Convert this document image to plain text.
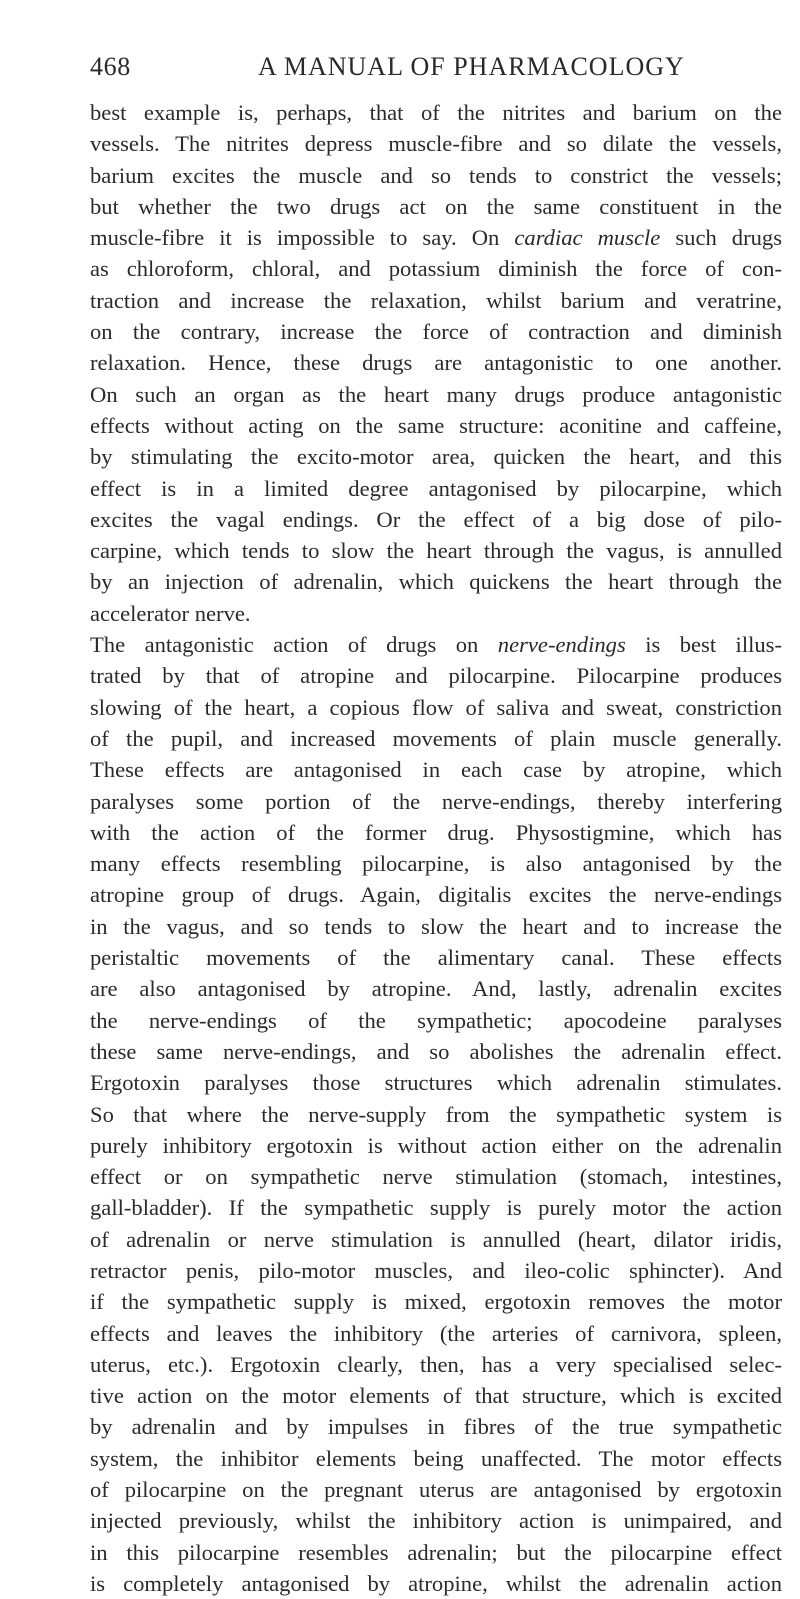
468	A MANUAL OF PHARMACOLOGY
best example is, perhaps, that of the nitrites and barium on the
vessels. The nitrites depress muscle-fibre and so dilate the vessels,
barium excites the muscle and so tends to constrict the vessels;
but whether the two drugs act on the same constituent in the
muscle-fibre it is impossible to say. On cardiac muscle such drugs
as chloroform, chloral, and potassium diminish the force of con-
traction and increase the relaxation, whilst barium and veratrine,
on the contrary, increase the force of contraction and diminish
relaxation. Hence, these drugs are antagonistic to one another.
On such an organ as the heart many drugs produce antagonistic
effects without acting on the same structure: aconitine and caffeine,
by stimulating the excito-motor area, quicken the heart, and this
effect is in a limited degree antagonised by pilocarpine, which
excites the vagal endings. Or the effect of a big dose of pilo-
carpine, which tends to slow the heart through the vagus, is annulled
by an injection of adrenalin, which quickens the heart through the
accelerator nerve.
The antagonistic action of drugs on nerve-endings is best illus-
trated by that of atropine and pilocarpine. Pilocarpine produces
slowing of the heart, a copious flow of saliva and sweat, constriction
of the pupil, and increased movements of plain muscle generally.
These effects are antagonised in each case by atropine, which
paralyses some portion of the nerve-endings, thereby interfering
with the action of the former drug. Physostigmine, which has
many effects resembling pilocarpine, is also antagonised by the
atropine group of drugs. Again, digitalis excites the nerve-endings
in the vagus, and so tends to slow the heart and to increase the
peristaltic movements of the alimentary canal. These effects
are also antagonised by atropine. And, lastly, adrenalin excites
the nerve-endings of the sympathetic; apocodeine paralyses
these same nerve-endings, and so abolishes the adrenalin effect.
Ergotoxin paralyses those structures which adrenalin stimulates.
So that where the nerve-supply from the sympathetic system is
purely inhibitory ergotoxin is without action either on the adrenalin
effect or on sympathetic nerve stimulation (stomach, intestines,
gall-bladder). If the sympathetic supply is purely motor the action
of adrenalin or nerve stimulation is annulled (heart, dilator iridis,
retractor penis, pilo-motor muscles, and ileo-colic sphincter). And
if the sympathetic supply is mixed, ergotoxin removes the motor
effects and leaves the inhibitory (the arteries of carnivora, spleen,
uterus, etc.). Ergotoxin clearly, then, has a very specialised selec-
tive action on the motor elements of that structure, which is excited
by adrenalin and by impulses in fibres of the true sympathetic
system, the inhibitor elements being unaffected. The motor effects
of pilocarpine on the pregnant uterus are antagonised by ergotoxin
injected previously, whilst the inhibitory action is unimpaired, and
in this pilocarpine resembles adrenalin; but the pilocarpine effect
is completely antagonised by atropine, whilst the adrenalin action
